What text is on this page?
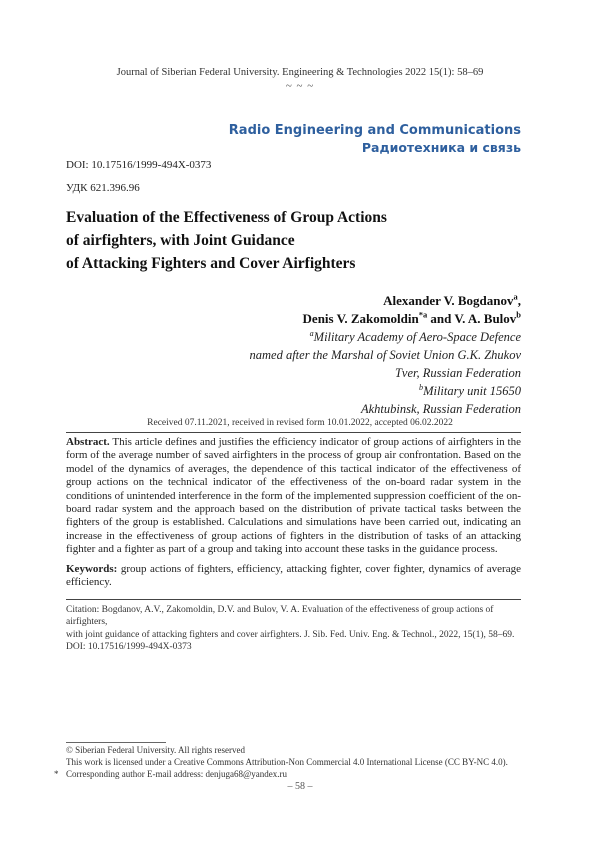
Journal of Siberian Federal University. Engineering & Technologies 2022 15(1): 58–69
~ ~ ~
Radio Engineering and Communications
Радиотехника и связь
DOI: 10.17516/1999-494X-0373
УДК 621.396.96
Evaluation of the Effectiveness of Group Actions
of airfighters, with Joint Guidance
of Attacking Fighters and Cover Airfighters
Alexander V. Bogdanov$^a$,
Denis V. Zakomoldin$^{*a}$ and V. A. Bulov$^b$
$^a$Military Academy of Aero-Space Defence
named after the Marshal of Soviet Union G.K. Zhukov
Tver, Russian Federation
$^b$Military unit 15650
Akhtubinsk, Russian Federation
Received 07.11.2021, received in revised form 10.01.2022, accepted 06.02.2022
Abstract. This article defines and justifies the efficiency indicator of group actions of airfighters in the form of the average number of saved airfighters in the process of group air confrontation. Based on the model of the dynamics of averages, the dependence of this tactical indicator of the effectiveness of group actions on the technical indicator of the effectiveness of the on-board radar system in the conditions of unintended interference in the form of the implemented suppression coefficient of the on-board radar system and the approach based on the distribution of private tactical tasks between the fighters of the group is established. Calculations and simulations have been carried out, indicating an increase in the effectiveness of group actions of fighters in the distribution of tasks of an attacking fighter and a fighter as part of a group and taking into account these tasks in the guidance process.
Keywords: group actions of fighters, efficiency, attacking fighter, cover fighter, dynamics of average efficiency.
Citation: Bogdanov, A.V., Zakomoldin, D.V. and Bulov, V. A. Evaluation of the effectiveness of group actions of airfighters,
with joint guidance of attacking fighters and cover airfighters. J. Sib. Fed. Univ. Eng. & Technol., 2022, 15(1), 58–69.
DOI: 10.17516/1999-494X-0373
© Siberian Federal University. All rights reserved
This work is licensed under a Creative Commons Attribution-Non Commercial 4.0 International License (CC BY-NC 4.0).
* Corresponding author E-mail address: denjuga68@yandex.ru
– 58 –
